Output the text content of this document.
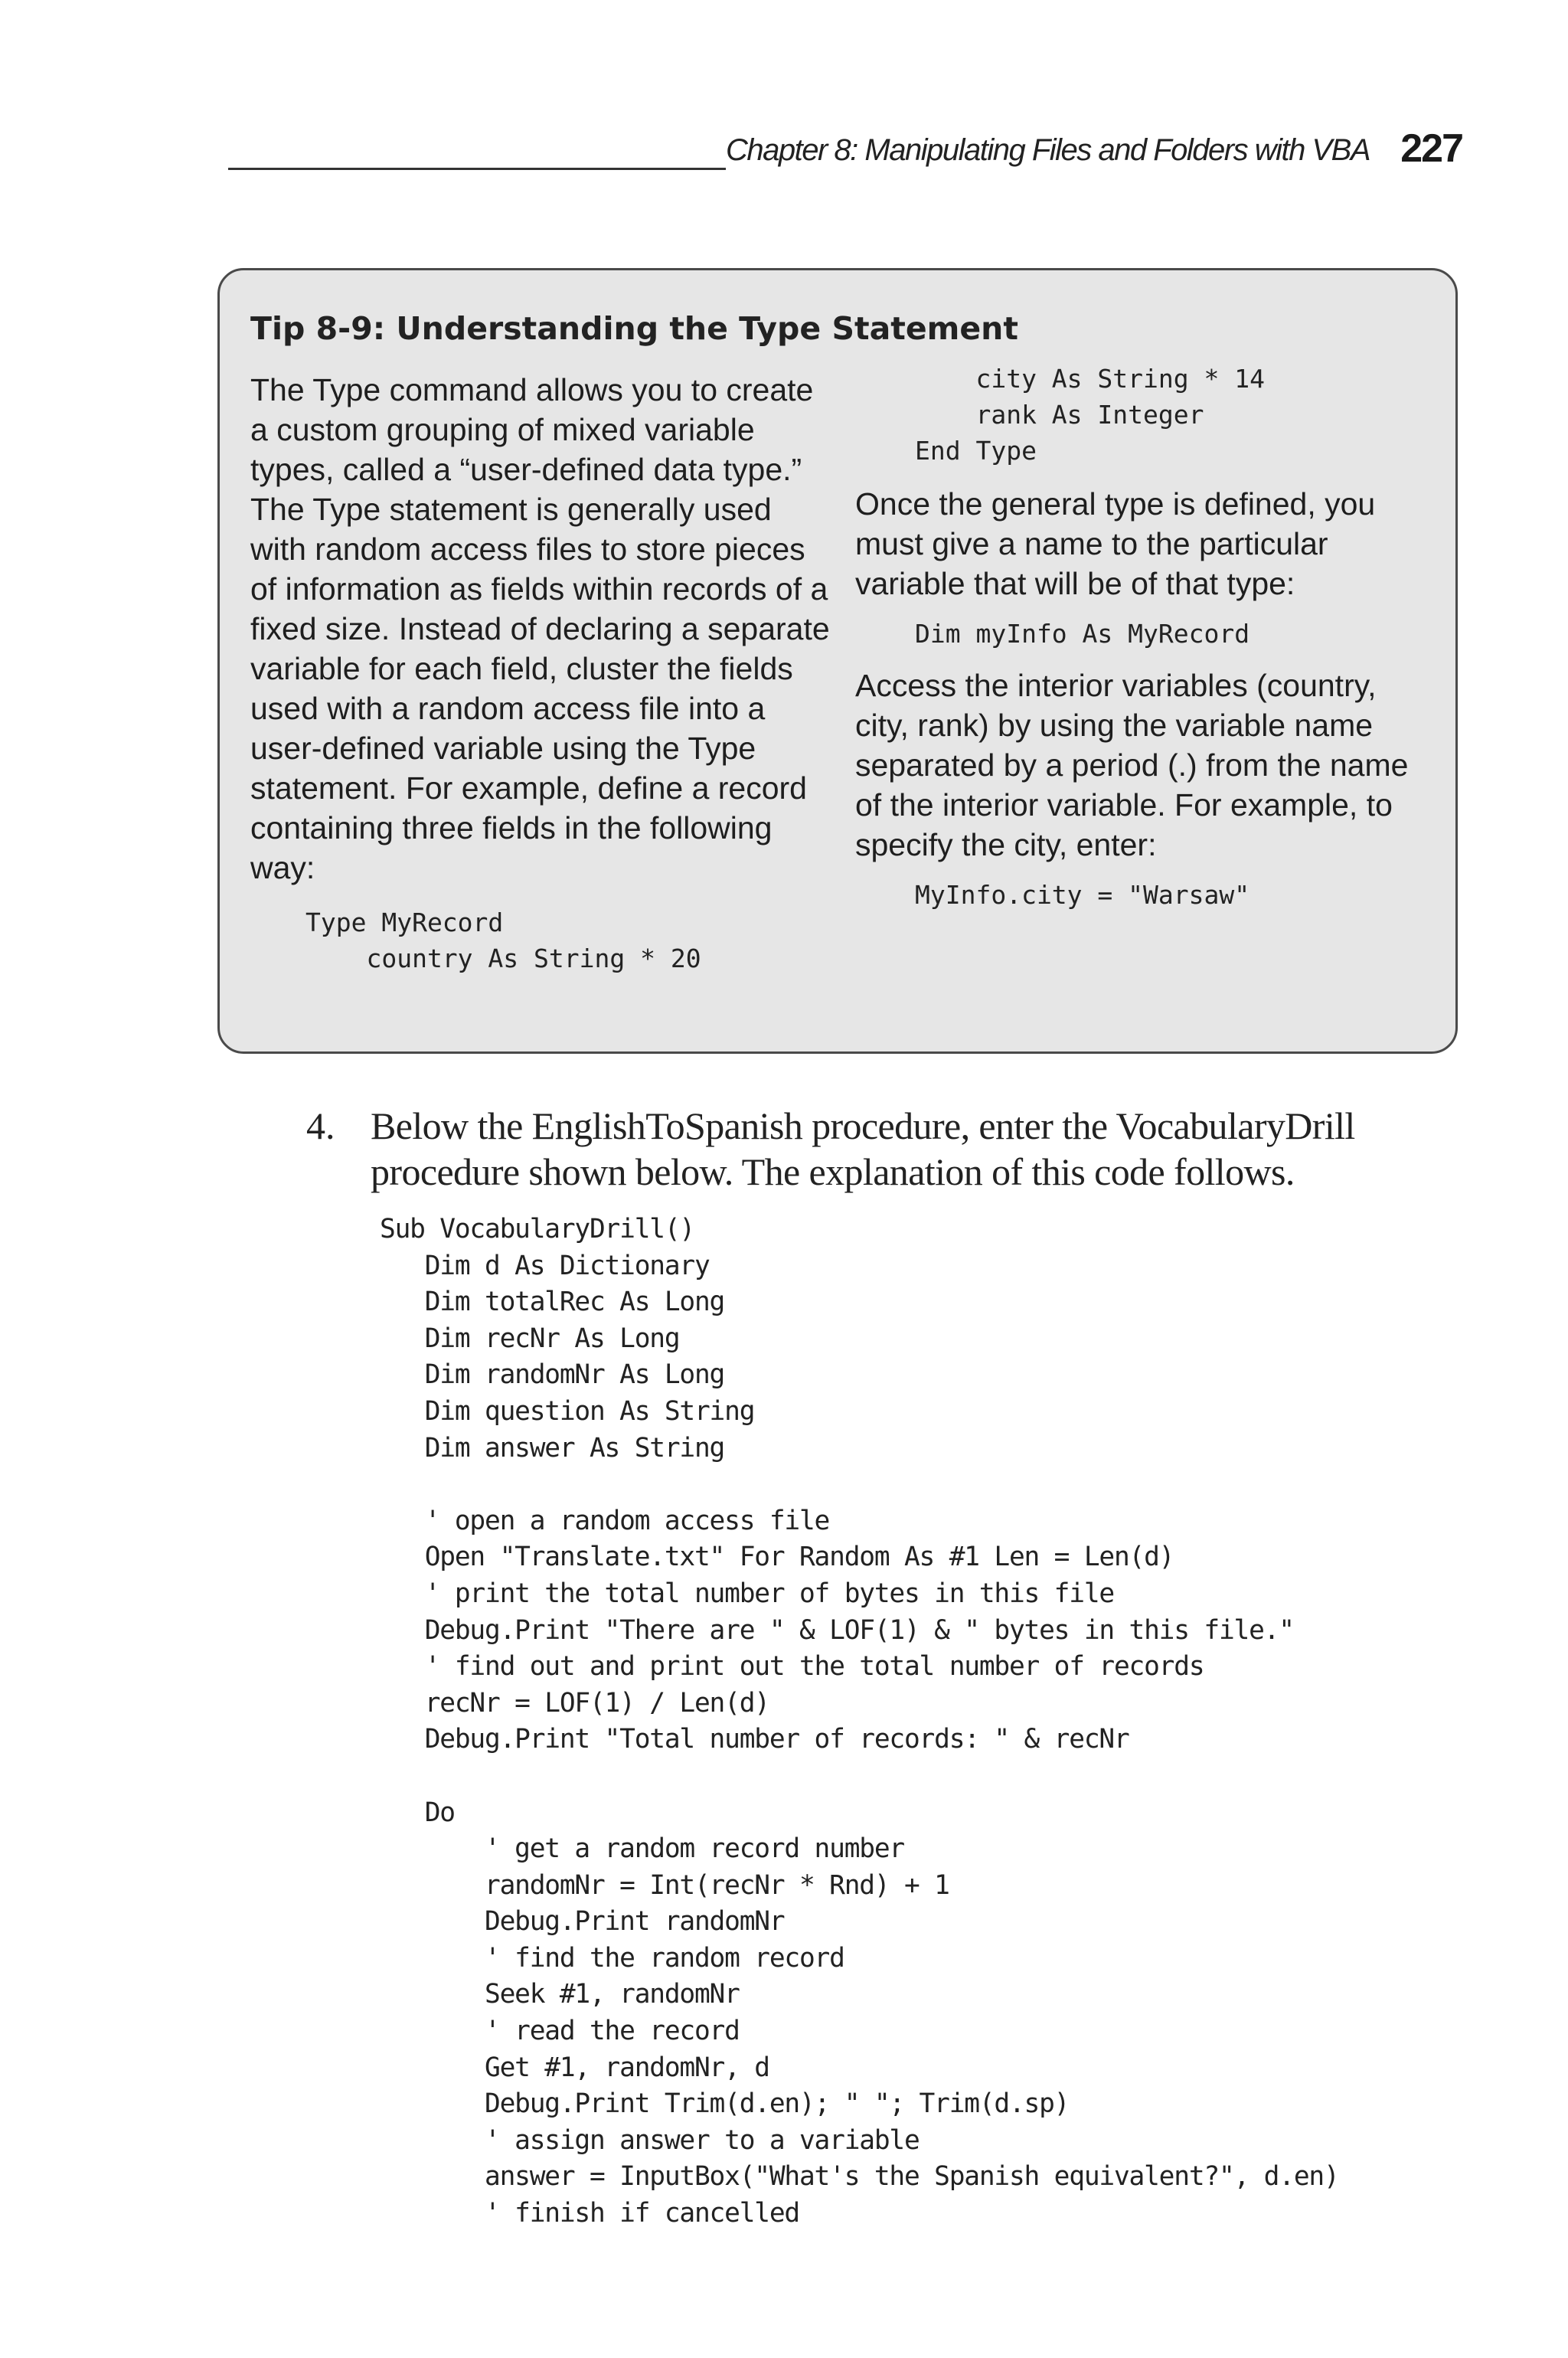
Chapter 8: Manipulating Files and Folders with VBA 227
Tip 8-9: Understanding the Type Statement

The Type command allows you to create a custom grouping of mixed variable types, called a “user-defined data type.” The Type statement is generally used with random access files to store pieces of information as fields within records of a fixed size. Instead of declaring a separate variable for each field, cluster the fields used with a random access file into a user-defined variable using the Type statement. For example, define a record containing three fields in the following way:

Type MyRecord
country As String * 20
city As String * 14
rank As Integer
End Type

Once the general type is defined, you must give a name to the particular variable that will be of that type:

Dim myInfo As MyRecord

Access the interior variables (country, city, rank) by using the variable name separated by a period (.) from the name of the interior variable. For example, to specify the city, enter:

MyInfo.city = "Warsaw"
4. Below the EnglishToSpanish procedure, enter the VocabularyDrill procedure shown below. The explanation of this code follows.
Sub VocabularyDrill()
Dim d As Dictionary
Dim totalRec As Long
Dim recNr As Long
Dim randomNr As Long
Dim question As String
Dim answer As String

' open a random access file
Open "Translate.txt" For Random As #1 Len = Len(d)
' print the total number of bytes in this file
Debug.Print "There are " & LOF(1) & " bytes in this file."
' find out and print out the total number of records
recNr = LOF(1) / Len(d)
Debug.Print "Total number of records: " & recNr

Do
' get a random record number
randomNr = Int(recNr * Rnd) + 1
Debug.Print randomNr
' find the random record
Seek #1, randomNr
' read the record
Get #1, randomNr, d
Debug.Print Trim(d.en); " "; Trim(d.sp)
' assign answer to a variable
answer = InputBox("What's the Spanish equivalent?", d.en)
' finish if cancelled
